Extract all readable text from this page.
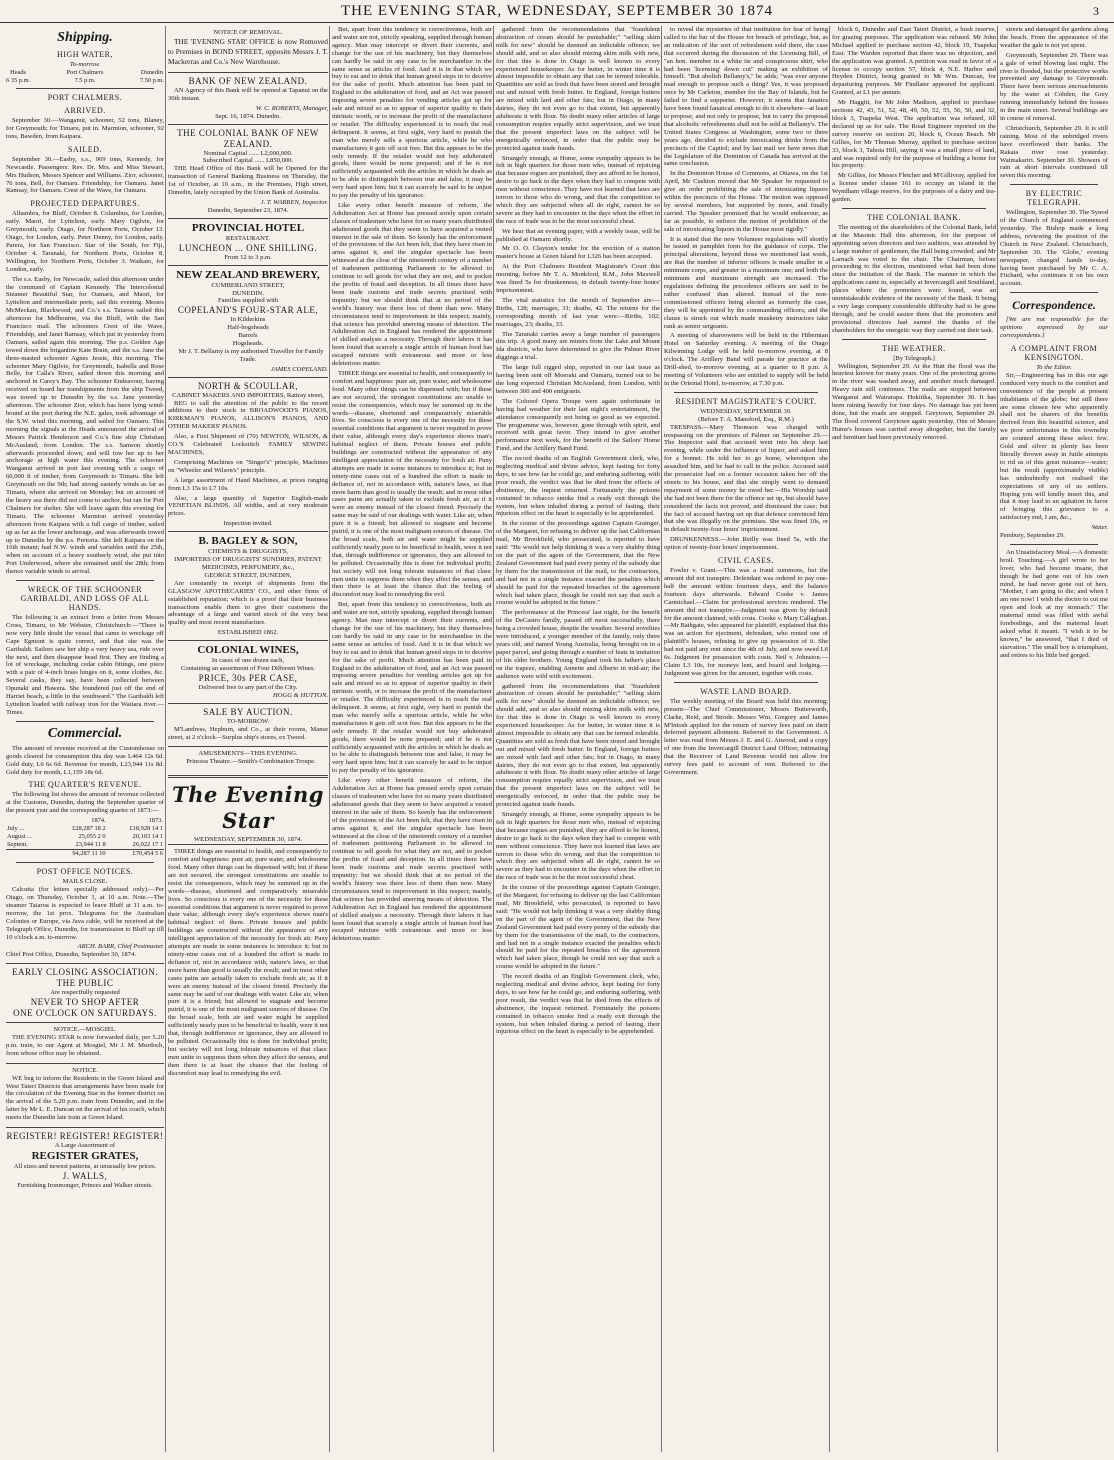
THE EVENING STAR, WEDNESDAY, SEPTEMBER 30 1874	3
Shipping.
HIGH WATER,
To-morrow.
Heads
6 35 p.m.
Port Chalmers
7.5 p.m.
Dunedin
7.50 p.m.
PORT CHALMERS.
ARRIVED.

September 30.—Wanganui, schooner, 52 tons, Blaney, for Greymouth; for Timaru, put in. Marmion, schooner, 92 tons, Bawden, from Kaipara.

SAILED.

September 30.—Easby, s.s., 969 tons, Kennedy, for Newcastle. Passengers: Rev. Dr. Mrs. and Miss Stewart, Mrs Hudson, Messrs Spencer and Williams. Zior, schooner, 76 tons, Bell, for Oamaru. Friendship, for Oamaru. Janet Ramsay, for Oamaru. Crest of the Wave, for Oamaru.

PROJECTED DEPARTURES.

Alhambra, for Bluff, October 8. Columbus, for London, early. Maori, for Lyttelton, early. Mary Ogilvie, for Greymouth, early. Otago, for Northern Ports, October 13. Otago, for London, early. Peter Denny, for London, early. Parera, for San Francisco. Star of the South, for Fiji, October 4. Taranaki, for Northern Ports, October 8. Wellington, for Northern Ports, October 3. Waikato, for London, early.

The s.s. Easby, for Newcastle, sailed this afternoon under the command of Captain Kennedy. The Intercolonial Steamer Beautiful Star, for Oamaru, and Maori, for Lyttelton and intermediate ports, sail this evening. Messrs McMeckan, Blackwood, and Co.'s s.s. Taiaroa sailed this afternoon for Melbourne, via the Bluff, with the San Francisco mail. The schooners Crest of the Wave, Friendship, and Janet Ramsay, which put in yesterday from Oamaru, sailed again this morning. The p.s. Golden Age towed down the brigantine Kate Brain, and the s.s. Jane the three-masted schooner Agnes Jessie, this morning. The schooner Mary Ogilvie, for Greymouth, Isabella and Rose Belle, for Calla's River, sailed down this morning and anchored in Carey's Bay. The schooner Endeavour, having received on board her transhipments from the ship Tweed, was towed up to Dunedin by the s.s. Jane yesterday afternoon. The schooner Zior, which has been lying wind-bound at the port during the N.E. gales, took advantage of the S.W. wind this morning, and sailed for Oamaru. This morning the signals at the Heads announced the arrival of Messrs Patrick Henderson and Co.'s fine ship Christian McAusland, from London. The s.s. Samson shortly afterwards proceeded down, and will tow her up to her anchorage at high water this evening. The schooner Wanganui arrived in port last evening with a cargo of 60,000 ft of timber, from Greymouth to Timaru. She left Greymouth on the 9th; had strong easterly winds as far as Timaru, where she arrived on Monday; but on account of the heavy sea there did not come to anchor, but ran for Port Chalmers for shelter. She will leave again this evening for Timaru. The schooner Marmion arrived yesterday afternoon from Kaipara with a full cargo of timber, sailed up as far as the lower anchorage, and was afterwards towed up to Dunedin by the p.s. Pretoria. She left Kaipara on the 16th instant; had N.W. winds and variables until the 25th, when on account of a heavy southerly wind, she put into Port Underwood, where she remained until the 28th; from thence variable winds to arrival.

WRECK OF THE SCHOONER GARIBALDI, AND LOSS OF ALL HANDS.

The following is an extract from a letter from Messrs Cross, Timaru, to Mr Webster, Christchurch:—"There is now very little doubt the vessel that came to wreckage off Cape Egmont is quite correct, and that she was the Garibaldi. Sailors saw her ship a very heavy sea, ride over the next, and then disappear head first. They are finding a lot of wreckage, including cedar cabin fittings, one piece with a pair of 4-inch brass hinges on it, some clothes, &c. Several casks, they say, have been collected between Opunaki and Hawera. She foundered just off the end of Harriet beach, a little to the southward." The Garibaldi left Lyttelton loaded with railway iron for the Waitara river.—Times.

Commercial.

The amount of revenue received at the Customhouse on goods cleared for consumption this day was L464 12s 6d. Gold duty, L6 6s 6d. Revenue for month, L23,944 11s 8d. Gold duty for month, L1,159 18s 6d.

THE QUARTER'S REVENUE.

The following list shows the amount of revenue collected at the Customs, Dunedin, during the September quarter of the present year and the corresponding quarter of 1873:—

	1874.	1873.
July ...	£28,287 18 2	£18,928 14 1
August ...	25,055 2 0	20,103 14 1
Septem.	23,944 11 8	26,022 17 1
	94,287 11 10	£70,454 5 6
POST OFFICE NOTICES.
MAILS CLOSE.

Calcutta (for letters specially addressed only).—Per Otago, on Thursday, October 1, at 10 a.m. Note.—The steamer Taiaroa is expected to leave Bluff at 11 a.m. to-morrow, the 1st prox. Telegrams for the Australian Colonies or Europe, via Java cable, will be received at the Telegraph Office, Dunedin, for transmission to Bluff up till 10 o'clock a.m. to-morrow.

ARCH. BARR, Chief Postmaster.
Chief Post Office, Dunedin, September 30, 1874.
EARLY CLOSING ASSOCIATION.
THE PUBLIC
Are respectfully requested
NEVER TO SHOP AFTER
ONE O'CLOCK ON SATURDAYS.
NOTICE.—MOSGIEL.

THE EVENING STAR is now forwarded daily, per 5.20 p.m. train, to our Agent at Mosgiel, Mr J. M. Murdoch, from whose office may be obtained.

NOTICE.

WE beg to inform the Residents in the Green Island and West Taieri Districts that arrangements have been made for the circulation of the Evening Star in the former district on the arrival of the 5.20 p.m. train from Dunedin, and in the latter by Mr L. E. Duncan on the arrival of his coach, which meets the Dunedin late train at Green Island.

REGISTER! REGISTER! REGISTER!
A Large Assortment of
REGISTER GRATES,
All sizes and newest patterns, at unusually low prices.
J. WALLS,
Furnishing Ironmonger, Princes and Walker streets.
NOTICE OF REMOVAL.

THE 'EVENING STAR' OFFICE is now Removed to Premises in BOND STREET, opposite Messrs J. T. Mackerras and Co.'s New Warehouse.

BANK OF NEW ZEALAND.

AN Agency of this Bank will be opened at Tapanui on the 30th instant.

W. C. ROBERTS, Manager,
Sept. 16, 1874. Dunedin.
THE COLONIAL BANK OF NEW ZEALAND.
Nominal Capital ...... L2,000,000.
Subscribed Capital ...... L850,000.

THE Head Office of this Bank will be Opened for the transaction of General Banking Business on Thursday, the 1st of October, at 10 a.m., in the Premises, High street, Dunedin, lately occupied by the Union Bank of Australia.

J. T. WARREN, Inspector.
Dunedin, September 23, 1874.
PROVINCIAL HOTEL
RESTAURANT.
LUNCHEON ... ONE SHILLING.
From 12 to 3 p.m.
NEW ZEALAND BREWERY,
CUMBERLAND STREET,
DUNEDIN.
Families supplied with
COPELAND'S FOUR-STAR ALE,
In Kilderkins
Half-hogsheads
Barrels
Hogsheads.

Mr J. T. Bellamy is my authorised Traveller for Family Trade.

JAMES COPELAND.
NORTH & SCOULLAR,
CABINET MAKERS AND IMPORTERS, Rattray street,

BEG to call the attention of the public to the recent additions to their stock in BROADWOOD'S PIANOS, KIRKMAN'S PIANOS, ALLISON'S PIANOS, AND OTHER MAKERS' PIANOS.

Also, a First Shipment of (70) NEWTON, WILSON, & CO.'S Celebrated Lockstitch FAMILY SEWING MACHINES,

Comprising Machines on "Singer's" principle, Machines on "Wheeler and Wilson's" principle.

A large assortment of Hand Machines, at prices ranging from L3 15s to L7 10s.

Also, a large quantity of Superior English-made VENETIAN BLINDS, All widths, and at very moderate prices.

Inspection invited.
B. BAGLEY & SON,
CHEMISTS & DRUGGISTS,
IMPORTERS OF DRUGGISTS' SUNDRIES, PATENT MEDICINES, PERFUMERY, &c.,
GEORGE STREET, DUNEDIN,

Are constantly in receipt of shipments from the GLASGOW APOTHECARIES' CO., and other firms of established reputation; which is a proof that their business transactions enable them to give their customers the advantage of a large and varied stock of the very best quality and most recent manufacture.

ESTABLISHED 1862.
COLONIAL WINES,
In cases of one dozen each,
Containing an assortment of Four Different Wines.
PRICE, 30s PER CASE,
Delivered free to any part of the City.
HOGG & HUTTON.
SALE BY AUCTION.
TO-MORROW.

M'Landress, Hepburn, and Co., at their rooms, Manse street, at 2 o'clock—Surplus ship's stores, ex Tweed.

AMUSEMENTS—THIS EVENING.

Princess Theatre.—Smith's Combination Troupe.

The Evening Star
WEDNESDAY, SEPTEMBER 30, 1874.

THREE things are essential to health, and consequently to comfort and happiness: pure air, pure water, and wholesome food. Many other things can be dispensed with; but if these are not secured, the strongest constitutions are unable to resist the consequences, which may be summed up in the words—disease, shortened and comparatively miserable lives. So conscious is every one of the necessity for these essential conditions that argument is never required to prove their value, although every day's experience shows man's habitual neglect of them. Private houses and public buildings are constructed without the appearance of any intelligent appreciation of the necessity for fresh air. Puny attempts are made in some instances to introduce it; but in ninety-nine cases out of a hundred the effort is made in defiance of, not in accordance with, nature's laws, so that more harm than good is usually the result; and in most other cases pains are actually taken to exclude fresh air, as if it were an enemy instead of the closest friend. Precisely the same may be said of our dealings with water. Like air, when pure it is a friend; but allowed to stagnate and become putrid, it is one of the most malignant sources of disease. On the broad scale, both air and water might be supplied sufficiently nearly pure to be beneficial to health, were it not that, through indifference or ignorance, they are allowed to be polluted. Occasionally this is done for individual profit; but society will not long tolerate nuisances of that class: men unite to suppress them when they affect the senses, and then there is at least the chance that the feeling of discomfort may lead to remedying the evil.

But, apart from this tendency to correctiveness, both air and water are not, strictly speaking, supplied through human agency. Man may intercept or divert their currents, and change for the use of his machinery, but they themselves can hardly be said in any case to be merchandise in the same sense as articles of food. And it is in that which we buy to eat and to drink that human greed steps in to deceive for the sake of profit. Much attention has been paid in England to the adulteration of food, and an Act was passed imposing severe penalties for vending articles got up for sale and mixed so as to appear of superior quality to their intrinsic worth, or to increase the profit of the manufacturer or retailer. The difficulty experienced is to reach the real delinquent. It seems, at first sight, very hard to punish the man who merely sells a spurious article, while he who manufactures it gets off scot free. But this appears to be the only remedy. If the retailer would not buy adulterated goods, there would be none prepared; and if he is not sufficiently acquainted with the articles in which he deals as to be able to distinguish between true and false, it may be very hard upon him; but it can scarcely be said to be unjust to pay the penalty of his ignorance.

Like every other benefit measure of reform, the Adulteration Act at Home has pressed sorely upon certain classes of tradesmen who have for so many years distributed adulterated goods that they seem to have acquired a vested interest in the sale of them. So keenly has the enforcement of the provisions of the Act been felt, that they have risen in arms against it, and the singular spectacle has been witnessed at the close of the nineteenth century of a number of tradesmen petitioning Parliament to be allowed to continue to sell goods for what they are not, and to pocket the profits of fraud and deception. In all times there have been trade customs and trade secrets practised with impunity; but we should think that at no period of the world's history was there less of them than now. Many circumstances tend to improvement in this respect; mainly, that science has provided unerring means of detection. The Adulteration Act in England has rendered the appointment of skilled analysts a necessity. Through their labors it has been found that scarcely a single article of human food has escaped mixture with extraneous and more or less deleterious matter.

THREE things are essential to health, and consequently to comfort and happiness: pure air, pure water, and wholesome food. Many other things can be dispensed with; but if these are not secured, the strongest constitutions are unable to resist the consequences, which may be summed up in the words—disease, shortened and comparatively miserable lives. So conscious is every one of the necessity for these essential conditions that argument is never required to prove their value, although every day's experience shows man's habitual neglect of them. Private houses and public buildings are constructed without the appearance of any intelligent appreciation of the necessity for fresh air. Puny attempts are made in some instances to introduce it; but in ninety-nine cases out of a hundred the effort is made in defiance of, not in accordance with, nature's laws, so that more harm than good is usually the result; and in most other cases pains are actually taken to exclude fresh air, as if it were an enemy instead of the closest friend. Precisely the same may be said of our dealings with water. Like air, when pure it is a friend; but allowed to stagnate and become putrid, it is one of the most malignant sources of disease. On the broad scale, both air and water might be supplied sufficiently nearly pure to be beneficial to health, were it not that, through indifference or ignorance, they are allowed to be polluted. Occasionally this is done for individual profit; but society will not long tolerate nuisances of that class: men unite to suppress them when they affect the senses, and then there is at least the chance that the feeling of discomfort may lead to remedying the evil.

But, apart from this tendency to correctiveness, both air and water are not, strictly speaking, supplied through human agency. Man may intercept or divert their currents, and change for the use of his machinery, but they themselves can hardly be said in any case to be merchandise in the same sense as articles of food. And it is in that which we buy to eat and to drink that human greed steps in to deceive for the sake of profit. Much attention has been paid in England to the adulteration of food, and an Act was passed imposing severe penalties for vending articles got up for sale and mixed so as to appear of superior quality to their intrinsic worth, or to increase the profit of the manufacturer or retailer. The difficulty experienced is to reach the real delinquent. It seems, at first sight, very hard to punish the man who merely sells a spurious article, while he who manufactures it gets off scot free. But this appears to be the only remedy. If the retailer would not buy adulterated goods, there would be none prepared; and if he is not sufficiently acquainted with the articles in which he deals as to be able to distinguish between true and false, it may be very hard upon him; but it can scarcely be said to be unjust to pay the penalty of his ignorance.

Like every other benefit measure of reform, the Adulteration Act at Home has pressed sorely upon certain classes of tradesmen who have for so many years distributed adulterated goods that they seem to have acquired a vested interest in the sale of them. So keenly has the enforcement of the provisions of the Act been felt, that they have risen in arms against it, and the singular spectacle has been witnessed at the close of the nineteenth century of a number of tradesmen petitioning Parliament to be allowed to continue to sell goods for what they are not, and to pocket the profits of fraud and deception. In all times there have been trade customs and trade secrets practised with impunity; but we should think that at no period of the world's history was there less of them than now. Many circumstances tend to improvement in this respect; mainly, that science has provided unerring means of detection. The Adulteration Act in England has rendered the appointment of skilled analysts a necessity. Through their labors it has been found that scarcely a single article of human food has escaped mixture with extraneous and more or less deleterious matter.

gathered from the recommendations that "fraudulent abstraction of cream should be punishable;" "selling skim milk for new" should be deemed an indictable offence; we should add, and so also should mixing skim milk with new, for that this is done in Otago is well known to every experienced housekeeper. As for butter, in winter time it is almost impossible to obtain any that can be termed tolerable. Quantities are sold as fresh that have been stored and brought out and mixed with fresh butter. In England, foreign butters are mixed with lard and other fats; but in Otago, in many dairies, they do not even go to that extent, but apparently adulterate it with flour. No doubt many other articles of large consumption require equally strict supervision, and we trust that the present imperfect laws on the subject will be energetically enforced, in order that the public may be protected against trade frauds.

Strangely enough, at Home, some sympathy appears to be felt in high quarters for those men who, instead of rejoicing that because rogues are punished, they are afford to be honest, desire to go back to the days when they had to compete with men without conscience. They have not learned that laws are terrors to those who do wrong, and that the competition to which they are subjected when all do right, cannot be so severe as they had to encounter in the days when the effort in the race of trade was to be the most successful cheat.

We hear that an evening paper, with a weekly issue, will be published at Oamaru shortly.

Mr O. O. Clayton's tender for the erection of a station master's house at Green Island for L326 has been accepted.

At the Port Chalmers Resident Magistrate's Court this morning, before Mr T. A. Monkford, R.M., John Maxwell was fined 5s for drunkenness, in default twenty-four hours' imprisonment.

The vital statistics for the month of September are:—Births, 128; marriages, 31; deaths, 42. The returns for the corresponding month of last year were:—Births, 102; marriages, 23; deaths, 33.

The Taranaki carries away a large number of passengers this trip. A good many are miners from the Lake and Mount Ida districts, who have determined to give the Palmer River diggings a trial.

The large full rigged ship, reported in our last issue as having been sent off Moeraki and Oamaru, turned out to be the long expected Christian McAusland, from London, with between 300 and 400 emigrants.

The Colored Opera Troupe were again unfortunate in having bad weather for their last night's entertainment, the attendance consequently not being so good as we expected. The programme was, however, gone through with spirit, and received with great favor. They intend to give another performance next week, for the benefit of the Sailors' Home Fund, and the Artillery Band Fund.

The record deaths of an English Government clerk, who, neglecting medical and divine advice, kept fasting for forty days, to see how far he could go, and enduring suffering, with poor result, the verdict was that he died from the effects of abstinence, the inquest returned. Fortunately the poisons contained in tobacco smoke find a ready exit through the system, but when inhaled during a period of fasting, their injurious effect on the heart is especially to be apprehended.

In the course of the proceedings against Captain Grainger, of the Margaret, for refusing to deliver up the last Californian mail, Mr Brookfield, who prosecuted, is reported to have said: "He would not help thinking it was a very shabby thing on the part of the agent of the Government, that the New Zealand Government had paid every penny of the subsidy due by them for the transmission of the mail, to the contractors, and had not in a single instance exacted the penalties which should be paid for the repeated breaches of the agreement which had taken place, though he could not say that such a course would be adopted in the future."

The performance at the Princess' last night, for the benefit of the DeCastro family, passed off most successfully, there being a crowded house, despite the weather. Several novelties were introduced, a younger member of the family, only three years old, and named Young Australia, being brought on in a paper parcel, and going through a number of feats in imitation of his elder brothers. Young England took his father's place on the trapeze, enabling Annette and Alberto in mid-air; the audience were wild with excitement.

gathered from the recommendations that "fraudulent abstraction of cream should be punishable;" "selling skim milk for new" should be deemed an indictable offence; we should add, and so also should mixing skim milk with new, for that this is done in Otago is well known to every experienced housekeeper. As for butter, in winter time it is almost impossible to obtain any that can be termed tolerable. Quantities are sold as fresh that have been stored and brought out and mixed with fresh butter. In England, foreign butters are mixed with lard and other fats; but in Otago, in many dairies, they do not even go to that extent, but apparently adulterate it with flour. No doubt many other articles of large consumption require equally strict supervision, and we trust that the present imperfect laws on the subject will be energetically enforced, in order that the public may be protected against trade frauds.

Strangely enough, at Home, some sympathy appears to be felt in high quarters for those men who, instead of rejoicing that because rogues are punished, they are afford to be honest, desire to go back to the days when they had to compete with men without conscience. They have not learned that laws are terrors to those who do wrong, and that the competition to which they are subjected when all do right, cannot be so severe as they had to encounter in the days when the effort in the race of trade was to be the most successful cheat.

In the course of the proceedings against Captain Grainger, of the Margaret, for refusing to deliver up the last Californian mail, Mr Brookfield, who prosecuted, is reported to have said: "He would not help thinking it was a very shabby thing on the part of the agent of the Government, that the New Zealand Government had paid every penny of the subsidy due by them for the transmission of the mail, to the contractors, and had not in a single instance exacted the penalties which should be paid for the repeated breaches of the agreement which had taken place, though he could not say that such a course would be adopted in the future."

The record deaths of an English Government clerk, who, neglecting medical and divine advice, kept fasting for forty days, to see how far he could go, and enduring suffering, with poor result, the verdict was that he died from the effects of abstinence, the inquest returned. Fortunately the poisons contained in tobacco smoke find a ready exit through the system, but when inhaled during a period of fasting, their injurious effect on the heart is especially to be apprehended.

to reveal the mysteries of that institution for fear of being called to the bar of the House for breach of privilege, but, as an indication of the sort of refreshment sold there, the case that occurred during the discussion of the Licensing Bill, of "an hon. member in a white tie and conspicuous shirt, who had been 'licensing' down cut" making an exhibition of himself. "But abolish Bellamy's," he adds; "was ever anyone mad enough to propose such a thing? Yes, it was proposed once by Mr Carleton, member for the Bay of Islands, but he failed to find a supporter. However, it seems that fanatics have been found fanatical enough to do it elsewhere—at least to propose, and not only to propose, but to carry the proposal that alcoholic refreshments shall not be sold at Bellamy's. The United States Congress at Washington, some two or three years ago, decided to exclude intoxicating drinks from the precincts of the Capitol; and by last mail we have news that the Legislature of the Dominion of Canada has arrived at the same conclusion.

In the Dominion House of Commons, at Ottawa, on the 1st April, Mr Cushion moved that Mr Speaker be requested to give an order prohibiting the sale of intoxicating liquors within the precincts of the House. The motion was opposed by several members, but supported by more, and finally carried. The Speaker promised that he would endeavour, as far as possible, to enforce the motion of prohibition of the sale of intoxicating liquors in the House most rigidly."

It is stated that the new Volunteer regulations will shortly be issued in pamphlet form for the guidance of corps. The principal alterations, beyond those we mentioned last week, are that the number of inferior officers is made smaller in a minimum corps, and greater in a maximum one; and both the minimum and maximum strength are increased. The regulations defining the precedence officers are said to be rather confused than altered. Instead of the non-commissioned officers being elected as formerly the case, they will be appointed by the commanding officers; and the clause is struck out which made musketry instructors take rank as senior sergeants.

A meeting of shareowners will be held in the Hibernian Hotel on Saturday evening. A meeting of the Otago Kilwinning Lodge will be held to-morrow evening, at 8 o'clock. The Artillery Band will parade for practice at the Drill-shed, to-morrow evening, at a quarter to 8 p.m. A meeting of Volunteers who are entitled to supply will be held in the Oriental Hotel, to-morrow, at 7.30 p.m.

RESIDENT MAGISTRATE'S COURT.
WEDNESDAY, SEPTEMBER 30.
(Before T. A. Mansford, Esq., R.M.)

TRESPASS.—Mary Thomson was charged with trespassing on the premises of Palmer on September 29.—The Inspector said that accused went into his shop last evening, while under the influence of liquor, and asked him for a bonnet. He told her to go home, whereupon she assaulted him, and he had to call in the police. Accused said the prosecutor had on a former occasion taken her off the streets to his house, and that she simply went to demand repayment of some money he owed her.—His Worship said she had not been there for the offence set up, but should have considered the facts not proved, and dismissed the case; but the fact of accused having set up that defence convinced him that she was illegally on the premises. She was fined 10s, or in default twenty-four hours' imprisonment.

DRUNKENNESS.—John Reilly was fined 5s, with the option of twenty-four hours' imprisonment.

CIVIL CASES.

Fowler v. Grant.—This was a fraud summons, but the amount did not transpire. Defendant was ordered to pay one-half the amount within fourteen days, and the balance fourteen days afterwards. Edward Cooke v. James Carmichael.—Claim for professional services rendered. The amount did not transpire.—Judgment was given by default for the amount claimed, with costs. Cooke v. Mary Callaghan.—Mr Bathgate, who appeared for plaintiff, explained that this was an action for ejectment, defendant, who rented one of plaintiff's houses, refusing to give up possession of it. She had not paid any rent since the 4th of July, and now owed L6 6s. Judgment for possession with costs. Neil v. Johnston.—Claim L3 10s, for moneys lent, and board and lodging.—Judgment was given for the amount, together with costs.

WASTE LAND BOARD.

The weekly meeting of the Board was held this morning; present—The Chief Commissioner, Messrs Butterworth, Clarke, Reid, and Strode. Messrs Wm. Gregory and James M'Intosh applied for the return of survey fees paid on their deferred payment allotment. Referred to the Government. A letter was read from Messrs J. E. and G. Atwood, and a copy of one from the Invercargill District Land Officer, intimating that the Receiver of Land Revenue would not allow for survey fees paid to account of rent. Referred to the Government.

block 6, Dunedin and East Taieri District, a bush reserve, for grazing purposes. The application was refused. Mr John Michael applied to purchase section 42, block 19, Tuapeka East. The Warden reported that there was no objection, and the application was granted. A petition was read in favor of a license to occupy section 57, block 4, N.E. Harbor and Heyden District, being granted to Mr Wm. Duncan, for depasturing purposes. Mr Findlater appeared for applicant. Granted, at L1 per annum.

Mr Haggitt, for Mr John Madison, applied to purchase sections 42, 43, 51, 52, 48, 49, 50, 52, 55, 56, 50, and 32, block 3, Tuapeka West. The application was refused, till declared up as for sale. The Road Engineer reported on the survey reserve on section 20, block 6, Ocean Beach. Mr Gillies, for Mr Thomas Murray, applied to purchase section 33, block 3, Tahoia Hill, saying it was a small piece of land, and was required only for the purpose of building a home for his property.

Mr Gillies, for Messrs Fletcher and M'Gillivray, applied for a license under clause 161 to occupy an island in the Wyndham village reserve, for the purposes of a dairy and tea-garden.

THE COLONIAL BANK.

The meeting of the shareholders of the Colonial Bank, held at the Masonic Hall this afternoon, for the purpose of appointing seven directors and two auditors, was attended by a large number of gentlemen, the Hall being crowded; and Mr Larnach was voted to the chair. The Chairman, before proceeding to the election, mentioned what had been done since the initiation of the Bank. The manner in which the applications came in, especially at Invercargill and Southland, places where the promoters were found, was an unmistakeable evidence of the necessity of the Bank. It being a very large company considerable difficulty had to be gone through, and he could assure them that the promoters and provisional directors had earned the thanks of the shareholders for the energetic way they carried out their task.

THE WEATHER.
[By Telegraph.]

Wellington, September 29. At the Hutt the flood was the heaviest known for many years. One of the protecting groins in the river was washed away, and another much damaged. Heavy rain still continues. The mails are stopped between Wanganui and Wairarapa. Hokitika, September 30. It has been raining heavily for four days. No damage has yet been done, but the roads are stopped. Greytown, September 29. The flood covered Greytown again yesterday. One of Messrs Hume's houses was carried away altogether, but the family and furniture had been previously removed.

streets and damaged the gardens along the beach. From the appearance of the weather the gale is not yet spent.

Greymouth, September 29. There was a gale of wind blowing last night. The river is flooded, but the protective works prevented any damage to Greymouth. There have been serious encroachments by the water at Cobden, the Grey running immediately behind the houses in the main street. Several buildings are in course of removal.

Christchurch, September 29. It is still raining. Most of the unbridged rivers have overflowed their banks. The Rakaia river rose yesterday. Waimakariri. September 30. Showers of rain at short intervals continued till seven this morning.

BY ELECTRIC TELEGRAPH.

Wellington, September 30. The Synod of the Church of England commenced yesterday. The Bishop made a long address, reviewing the position of the Church in New Zealand. Christchurch, September 30. The 'Globe,' evening newspaper, changed hands to-day, having been purchased by Mr C. A. Fitchard, who continues it on his own account.

Correspondence.

[We are not responsible for the opinions expressed by our correspondents.]

A COMPLAINT FROM KENSINGTON.
To the Editor.

Sir,—Engineering has in this our age conduced very much to the comfort and convenience of the people at present inhabitants of the globe; but still there are some chosen few who apparently shall not be sharers of the benefits derived from this beautiful science, and we poor unfortunates in this township are counted among these select few. Gold and silver in plenty has been literally thrown away in futile attempts to rid us of this great nuisance—water; but the result (approximately visible) has undoubtedly not realised the expectations of any of us settlers. Hoping you will kindly insert this, and that it may lead to an agitation in favor of bringing this grievance to a satisfactory end, I am, &c.,

Water.
Pembury, September 29.

An Unsatisfactory Meal.—A domestic broil. Touching.—A girl wrote to her lover, who had become insane, that though he had gone out of his own mind, he had never gone out of hers. "Mother, I am going to die; and when I am one now! I wish the doctor to cut me open and look at my stomach." The maternal mind was filled with awful forebodings, and the maternal heart asked what it meant. "I wish it to be known," he answered, "that I died of starvation." The small boy is triumphant, and retires to his little bed gorged.
